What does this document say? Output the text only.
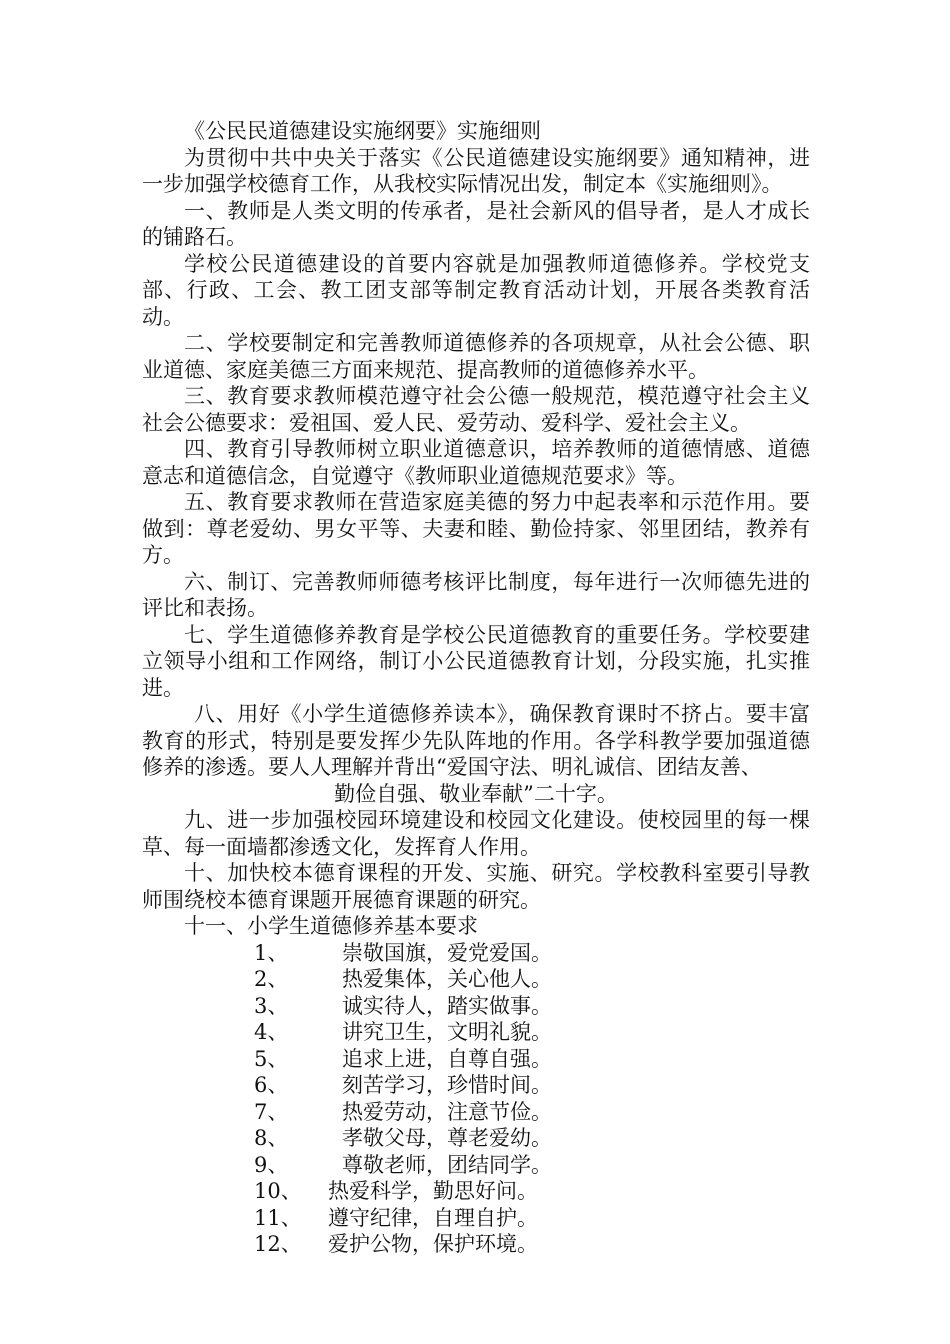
《公民民道德建设实施纲要》实施细则

为贯彻中共中央关于落实《公民道德建设实施纲要》通知精神，进一步加强学校德育工作，从我校实际情况出发，制定本《实施细则》。

一、教师是人类文明的传承者，是社会新风的倡导者，是人才成长的铺路石。

学校公民道德建设的首要内容就是加强教师道德修养。学校党支部、行政、工会、教工团支部等制定教育活动计划，开展各类教育活动。

二、学校要制定和完善教师道德修养的各项规章，从社会公德、职业道德、家庭美德三方面来规范、提高教师的道德修养水平。

三、教育要求教师模范遵守社会公德一般规范，模范遵守社会主义社会公德要求：爱祖国、爱人民、爱劳动、爱科学、爱社会主义。

四、教育引导教师树立职业道德意识，培养教师的道德情感、道德意志和道德信念，自觉遵守《教师职业道德规范要求》等。

五、教育要求教师在营造家庭美德的努力中起表率和示范作用。要做到：尊老爱幼、男女平等、夫妻和睦、勤俭持家、邻里团结，教养有方。

六、制订、完善教师师德考核评比制度，每年进行一次师德先进的评比和表扬。

七、学生道德修养教育是学校公民道德教育的重要任务。学校要建立领导小组和工作网络，制订小公民道德教育计划，分段实施，扎实推进。

八、用好《小学生道德修养读本》，确保教育课时不挤占。要丰富教育的形式，特别是要发挥少先队阵地的作用。各学科教学要加强道德修养的渗透。要人人理解并背出“爱国守法、明礼诚信、团结友善、

勤俭自强、敬业奉献”二十字。

九、进一步加强校园环境建设和校园文化建设。使校园里的每一棵草、每一面墙都渗透文化，发挥育人作用。

十、加快校本德育课程的开发、实施、研究。学校教科室要引导教师围绕校本德育课题开展德育课题的研究。

十一、小学生道德修养基本要求

1、	崇敬国旗，爱党爱国。
2、	热爱集体，关心他人。
3、	诚实待人，踏实做事。
4、	讲究卫生，文明礼貌。
5、	追求上进，自尊自强。
6、	刻苦学习，珍惜时间。
7、	热爱劳动，注意节俭。
8、	孝敬父母，尊老爱幼。
9、	尊敬老师，团结同学。
10、 热爱科学，勤思好问。
11、 遵守纪律，自理自护。
12、 爱护公物，保护环境。
